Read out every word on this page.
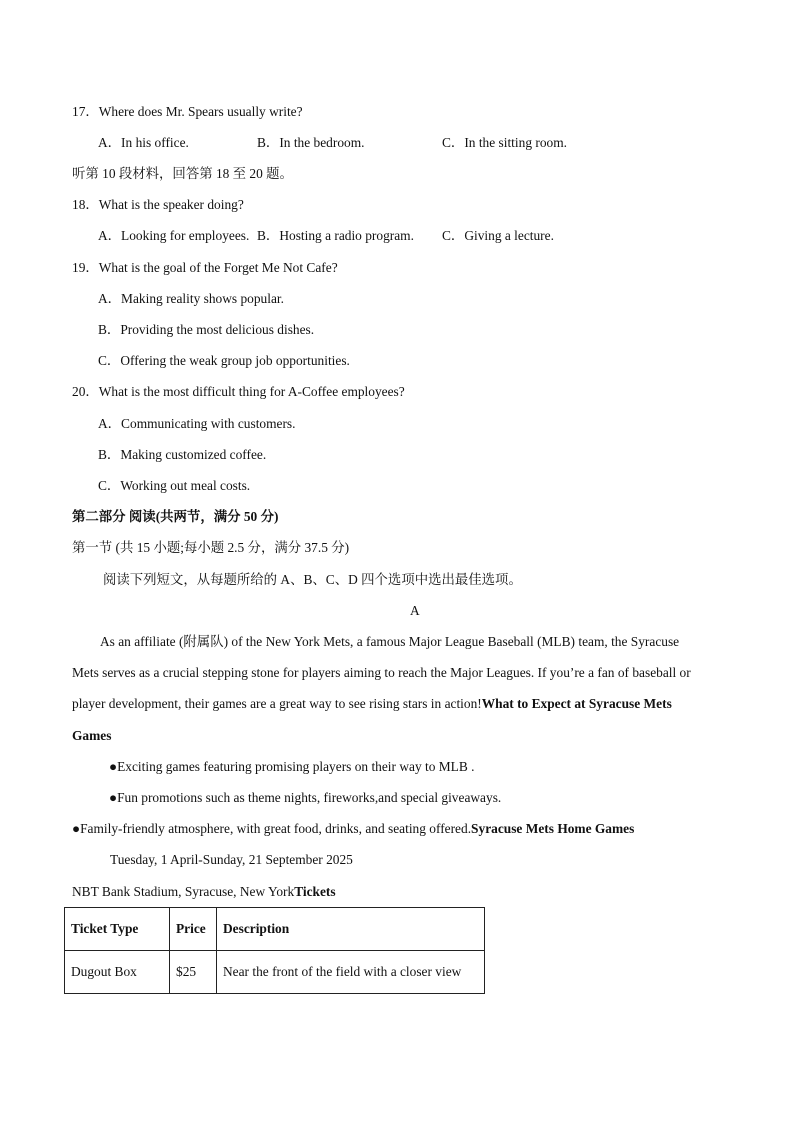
17．Where does Mr. Spears usually write?
A．In his office.	B．In the bedroom.	C．In the sitting room.
听第 10 段材料，回答第 18 至 20 题。
18．What is the speaker doing?
A．Looking for employees. B．Hosting a radio program. C．Giving a lecture.
19．What is the goal of the Forget Me Not Cafe?
A．Making reality shows popular.
B．Providing the most delicious dishes.
C．Offering the weak group job opportunities.
20．What is the most difficult thing for A-Coffee employees?
A．Communicating with customers.
B．Making customized coffee.
C．Working out meal costs.
第二部分 阅读(共两节，满分 50 分)
第一节 (共 15 小题;每小题 2.5 分，满分 37.5 分)
阅读下列短文，从每题所给的 A、B、C、D 四个选项中选出最佳选项。
A
As an affiliate (附属队) of the New York Mets, a famous Major League Baseball (MLB) team, the Syracuse
Mets serves as a crucial stepping stone for players aiming to reach the Major Leagues. If you’re a fan of baseball or
player development, their games are a great way to see rising stars in action!What to Expect at Syracuse Mets
Games
●Exciting games featuring promising players on their way to MLB .
●Fun promotions such as theme nights, fireworks,and special giveaways.
●Family-friendly atmosphere, with great food, drinks, and seating offered.Syracuse Mets Home Games
Tuesday, 1 April-Sunday, 21 September 2025
NBT Bank Stadium, Syracuse, New YorkTickets
Ticket Type	Price	Description
Dugout Box	$25	Near the front of the field with a closer view
